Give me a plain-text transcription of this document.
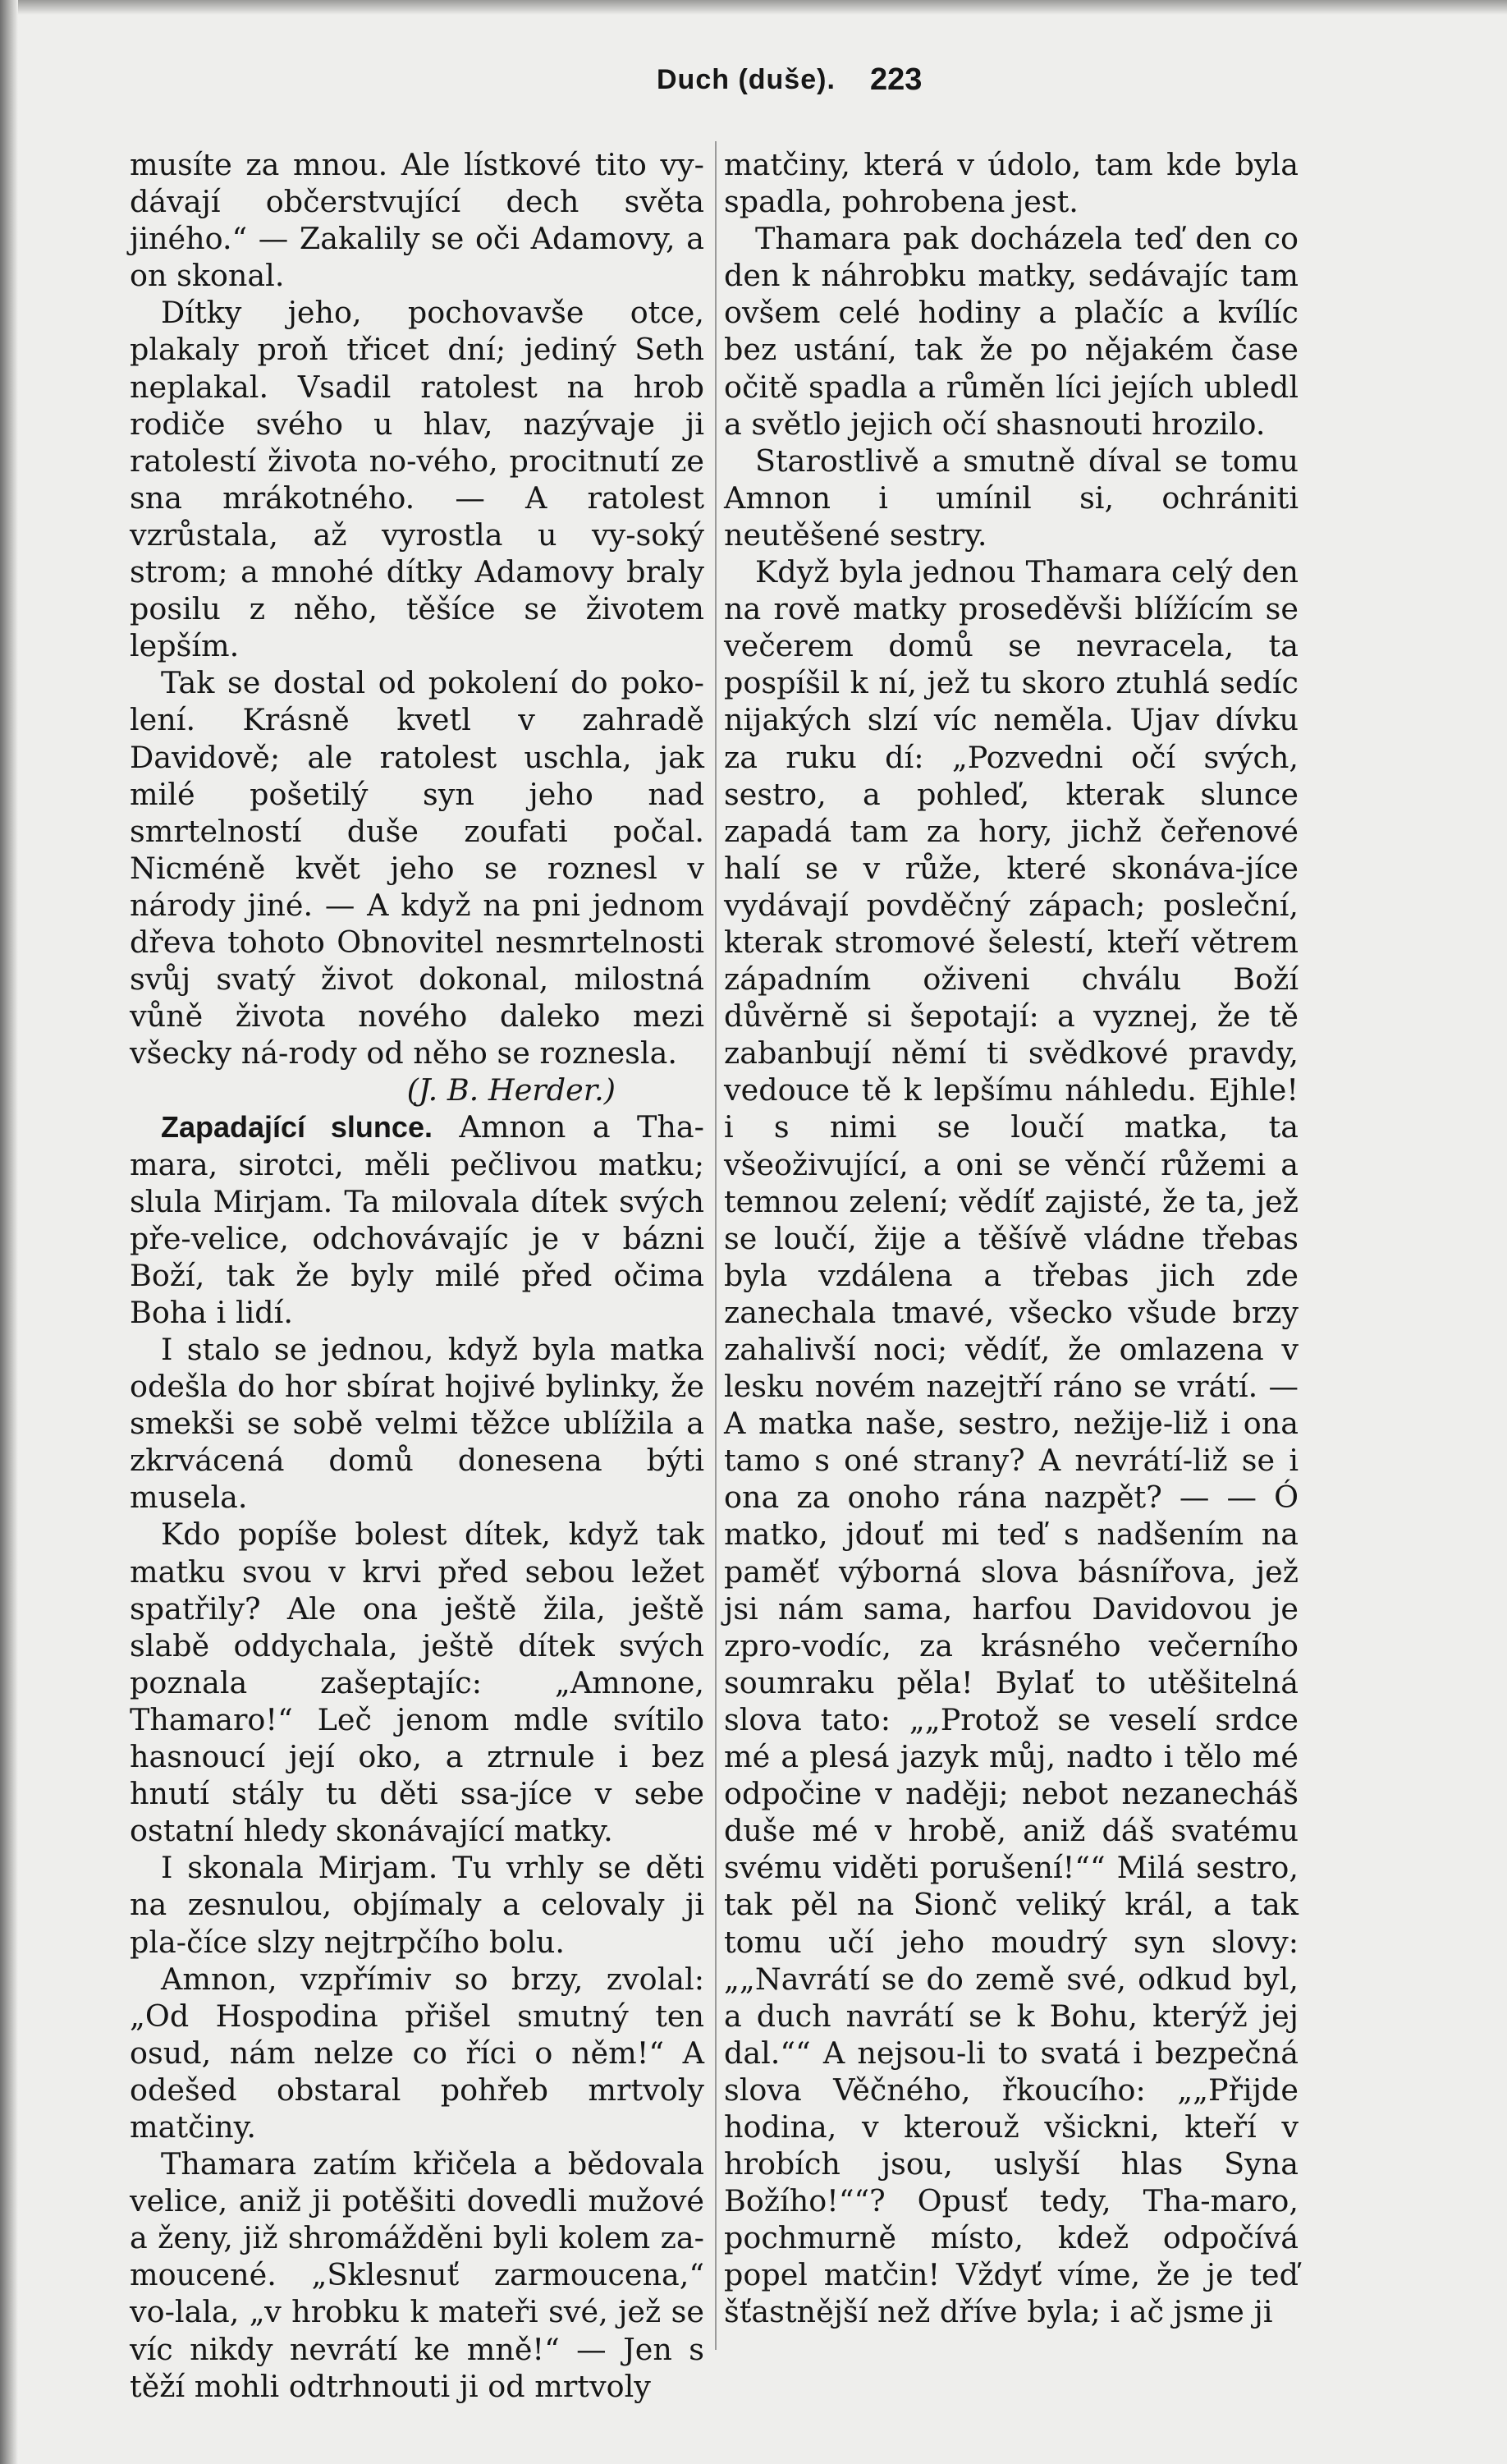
Duch (duše). 223

musíte za mnou. Ale lístkové tito vy-dávají občerstvující dech světa jiného.“ — Zakalily se oči Adamovy, a on skonal.

Dítky jeho, pochovavše otce, plakaly proň třicet dní; jediný Seth neplakal. Vsadil ratolest na hrob rodiče svého u hlav, nazývaje ji ratolestí života no-vého, procitnutí ze sna mrákotného. — A ratolest vzrůstala, až vyrostla u vy-soký strom; a mnohé dítky Adamovy braly posilu z něho, těšíce se životem lepším.

Tak se dostal od pokolení do poko-lení. Krásně kvetl v zahradě Davidově; ale ratolest uschla, jak milé pošetilý syn jeho nad smrtelností duše zoufati počal. Nicméně květ jeho se roznesl v národy jiné. — A když na pni jednom dřeva tohoto Obnovitel nesmrtelnosti svůj svatý život dokonal, milostná vůně života nového daleko mezi všecky ná-rody od něho se roznesla.

(J. B. Herder.)

Zapadající slunce. Amnon a Tha-mara, sirotci, měli pečlivou matku; slula Mirjam. Ta milovala dítek svých pře-velice, odchovávajíc je v bázni Boží, tak že byly milé před očima Boha i lidí.

I stalo se jednou, když byla matka odešla do hor sbírat hojivé bylinky, že smekši se sobě velmi těžce ublížila a zkrvácená domů donesena býti musela.

Kdo popíše bolest dítek, když tak matku svou v krvi před sebou ležet spatřily? Ale ona ještě žila, ještě slabě oddychala, ještě dítek svých poznala zašeptajíc: „Amnone, Thamaro!“ Leč jenom mdle svítilo hasnoucí její oko, a ztrnule i bez hnutí stály tu děti ssa-jíce v sebe ostatní hledy skonávající matky.

I skonala Mirjam. Tu vrhly se děti na zesnulou, objímaly a celovaly ji pla-číce slzy nejtrpčího bolu.

Amnon, vzpřímiv so brzy, zvolal: „Od Hospodina přišel smutný ten osud, nám nelze co říci o něm!“ A odešed obstaral pohřeb mrtvoly matčiny.

Thamara zatím křičela a bědovala velice, aniž ji potěšiti dovedli mužové a ženy, již shromážděni byli kolem za-moucené. „Sklesnuť zarmoucena,“ vo-lala, „v hrobku k mateři své, jež se víc nikdy nevrátí ke mně!“ — Jen s těží mohli odtrhnouti ji od mrtvoly

matčiny, která v údolo, tam kde byla spadla, pohrobena jest.

Thamara pak docházela teď den co den k náhrobku matky, sedávajíc tam ovšem celé hodiny a plačíc a kvílíc bez ustání, tak že po nějakém čase očitě spadla a růměn líci jejích ubledl a světlo jejich očí shasnouti hrozilo.

Starostlivě a smutně díval se tomu Amnon i umínil si, ochrániti neutěšené sestry.

Když byla jednou Thamara celý den na rově matky proseděvši blížícím se večerem domů se nevracela, ta pospíšil k ní, jež tu skoro ztuhlá sedíc nijakých slzí víc neměla. Ujav dívku za ruku dí: „Pozvedni očí svých, sestro, a pohleď, kterak slunce zapadá tam za hory, jichž čeřenové halí se v růže, které skonáva-jíce vydávají povděčný zápach; posleční, kterak stromové šelestí, kteří větrem západním oživeni chválu Boží důvěrně si šepotají: a vyznej, že tě zabanbují němí ti svědkové pravdy, vedouce tě k lepšímu náhledu. Ejhle! i s nimi se loučí matka, ta všeoživující, a oni se věnčí růžemi a temnou zelení; vědíť zajisté, že ta, jež se loučí, žije a těšívě vládne třebas byla vzdálena a třebas jich zde zanechala tmavé, všecko všude brzy zahalivší noci; vědíť, že omlazena v lesku novém nazejtří ráno se vrátí. — A matka naše, sestro, nežije-liž i ona tamo s oné strany? A nevrátí-liž se i ona za onoho rána nazpět? — — Ó matko, jdouť mi teď s nadšením na paměť výborná slova básnířova, jež jsi nám sama, harfou Davidovou je zpro-vodíc, za krásného večerního soumraku pěla! Bylať to utěšitelná slova tato: „„Protož se veselí srdce mé a plesá jazyk můj, nadto i tělo mé odpočine v naději; nebot nezanecháš duše mé v hrobě, aniž dáš svatému svému viděti porušení!““ Milá sestro, tak pěl na Sionč veliký král, a tak tomu učí jeho moudrý syn slovy: „„Navrátí se do země své, odkud byl, a duch navrátí se k Bohu, kterýž jej dal.““ A nejsou-li to svatá i bezpečná slova Věčného, řkoucího: „„Přijde hodina, v kterouž všickni, kteří v hrobích jsou, uslyší hlas Syna Božího!““? Opusť tedy, Tha-maro, pochmurně místo, kdež odpočívá popel matčin! Vždyť víme, že je teď šťastnější než dříve byla; i ač jsme ji
